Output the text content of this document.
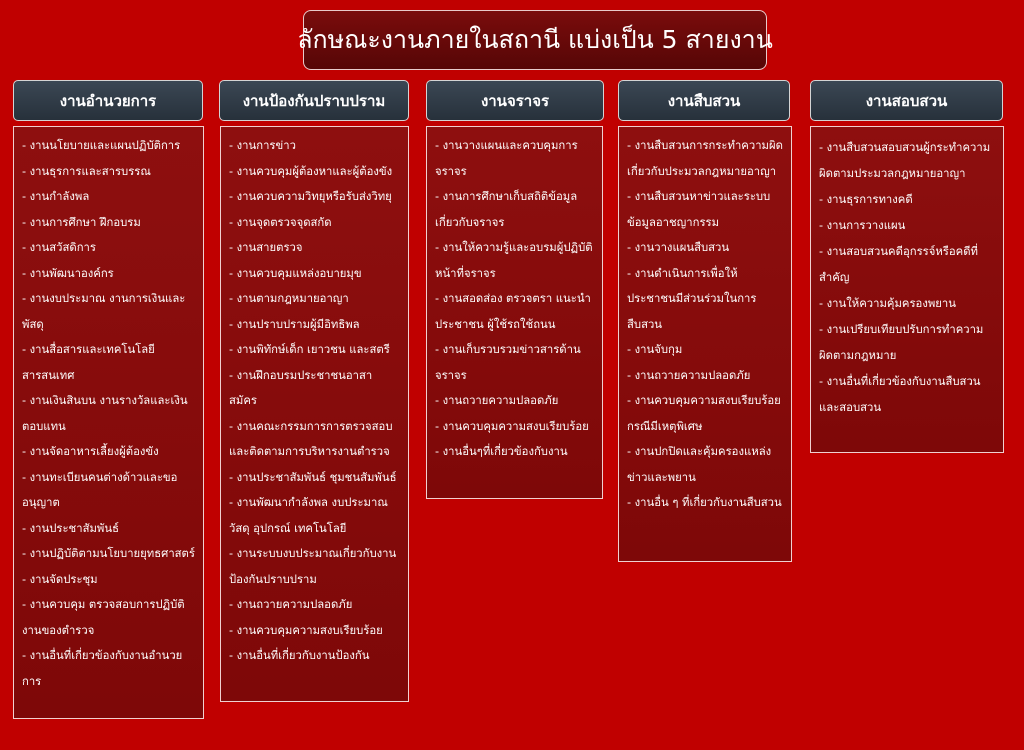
ลักษณะงานภายในสถานี แบ่งเป็น 5 สายงาน
งานอำนวยการ	งานป้องกันปราบปราม	งานจราจร	งานสืบสวน	งานสอบสวน
- งานนโยบายและแผนปฏิบัติการ
- งานธุรการและสารบรรณ
- งานกำลังพล
- งานการศึกษา ฝึกอบรม
- งานสวัสดิการ
- งานพัฒนาองค์กร
- งานงบประมาณ งานการเงินและพัสดุ
- งานสื่อสารและเทคโนโลยีสารสนเทศ
- งานเงินสินบน งานรางวัลและเงินตอบแทน
- งานจัดอาหารเลี้ยงผู้ต้องขัง
- งานทะเบียนคนต่างด้าวและขออนุญาต
- งานประชาสัมพันธ์
- งานปฏิบัติตามนโยบายยุทธศาสตร์
- งานจัดประชุม
- งานควบคุม ตรวจสอบการปฏิบัติงานของตำรวจ
- งานอื่นที่เกี่ยวข้องกับงานอำนวยการ
- งานการข่าว
- งานควบคุมผู้ต้องหาและผู้ต้องขัง
- งานควบความวิทยุหรือรับส่งวิทยุ
- งานจุดตรวจจุดสกัด
- งานสายตรวจ
- งานควบคุมแหล่งอบายมุข
- งานตามกฎหมายอาญา
- งานปราบปรามผู้มีอิทธิพล
- งานพิทักษ์เด็ก เยาวชน และสตรี
- งานฝึกอบรมประชาชนอาสาสมัคร
- งานคณะกรรมการการตรวจสอบและติดตามการบริหารงานตำรวจ
- งานประชาสัมพันธ์ ชุมชนสัมพันธ์
- งานพัฒนากำลังพล งบประมาณ วัสดุ อุปกรณ์ เทคโนโลยี
- งานระบบงบประมาณเกี่ยวกับงานป้องกันปราบปราม
- งานถวายความปลอดภัย
- งานควบคุมความสงบเรียบร้อย
- งานอื่นที่เกี่ยวกับงานป้องกัน
- งานวางแผนและควบคุมการจราจร
- งานการศึกษาเก็บสถิติข้อมูลเกี่ยวกับจราจร
- งานให้ความรู้และอบรมผู้ปฏิบัติหน้าที่จราจร
- งานสอดส่อง ตรวจตรา แนะนำประชาชน ผู้ใช้รถใช้ถนน
- งานเก็บรวบรวมข่าวสารด้านจราจร
- งานถวายความปลอดภัย
- งานควบคุมความสงบเรียบร้อย
- งานอื่นๆที่เกี่ยวข้องกับงาน
- งานสืบสวนการกระทำความผิดเกี่ยวกับประมวลกฎหมายอาญา
- งานสืบสวนหาข่าวและระบบข้อมูลอาชญากรรม
- งานวางแผนสืบสวน
- งานดำเนินการเพื่อให้ประชาชนมีส่วนร่วมในการสืบสวน
- งานจับกุม
- งานถวายความปลอดภัย
- งานควบคุมความสงบเรียบร้อยกรณีมีเหตุพิเศษ
- งานปกปิดและคุ้มครองแหล่งข่าวและพยาน
- งานอื่น ๆ ที่เกี่ยวกับงานสืบสวน
- งานสืบสวนสอบสวนผู้กระทำความผิดตามประมวลกฎหมายอาญา
- งานธุรการทางคดี
- งานการวางแผน
- งานสอบสวนคดีอุกรรจ์หรือคดีที่สำคัญ
- งานให้ความคุ้มครองพยาน
- งานเปรียบเทียบปรับการทำความผิดตามกฎหมาย
- งานอื่นที่เกี่ยวข้องกับงานสืบสวนและสอบสวน
